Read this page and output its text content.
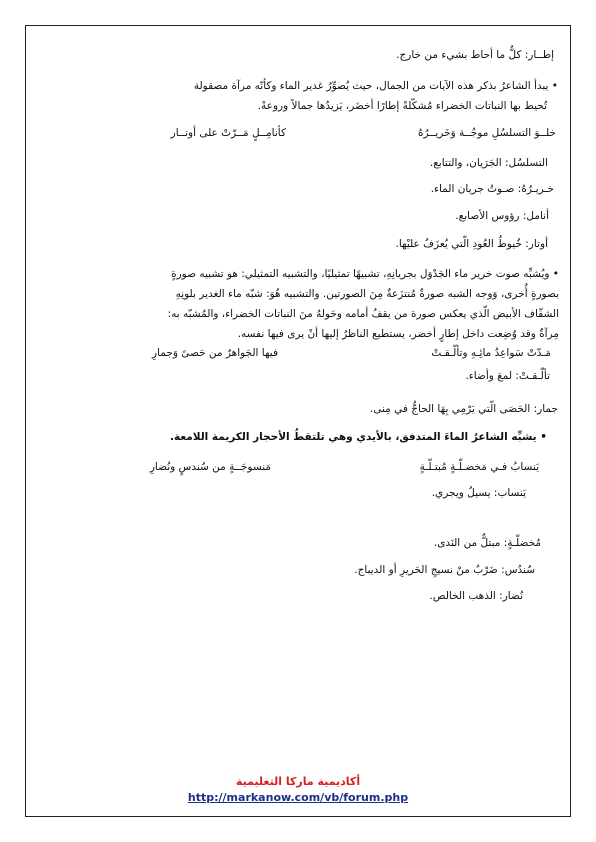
إطــار: كلُّ ما أحاط بشيء من خارج.
• يبدأ الشاعرُ بذكر هذه الآيات من الجمال، حيث يُصوِّرُ غدير الماء وكأنّه مرآة مصقولة
تُحيط بها النباتات الخضراء مُشكّلةً إطارًا أخضَر، يَزيدُها جمالاً وروعةً.
خلــوَ التسلسُلِ موجُــة وَخَريــرُهُ
كأنامِــلٍ مَــرّتْ على أوتــار
التسلسُل: الجَرَيان، والتتابع.
خـريـرُهُ: صـوتُ جريان الماء.
أنامل: رؤوس الأصابع.
أوتار: خُيوطُ العُودِ الّتي يُعزَفُ عليْها.
• ويُشبِّه صوت خرير ماء الجَدْوَل بجريانِهِ، تشبيهًا تمثيليًا، والتشبيه التمثيلي: هو تشبيه صورةٍ
بصورةٍ أُخرى، وَوجه الشبه صورةٌ مُنتزَعةٌ مِنَ الصورتين. والتشبيه هُوَ: شبّه ماء الغدير بلونِهِ
الشفّاف الأبيض الّذي يعكس صورة من يقفُ أمامه وحَولهُ منَ النباتات الخضراء، والمُشبّه به:
مِرآةٌ وقد وُضِعت داخل إطارٍ أخضر، يستطيع الناظرُ إليها أنْ يرى فيها نفسه.
مَـدّتْ سَواعِدُ مائِـهِ وتألّـقـتْ
فيها الجَواهرُ من حَصىً وَجمارِ
تألّـقـتْ: لمعَ وأضاء.
جمار: الحَصَى الّتي يَرْمِي بِهَا الحاجُّ في مِنى.
• يشبِّه الشاعرُ الماءَ المتدفق، بالأيدي وهي تلتقطُ الأحجار الكريمة اللامعة.
يَنسابُ فـي مَخضـلّـةٍ مُبتـلّـةٍ
مَنسوجَــةٍ من سُندسٍ ونُضارِ
يَنساب: يسيلُ ويجري.
مُخضلّـةٍ: مبتلٌّ من النَدى.
سُندُس: ضَرْبٌ منْ نسيجِ الحَريرِ أو الديباج.
نُضار: الذهب الخالص.
أكاديمية ماركا التعليمية
http://markanow.com/vb/forum.php
